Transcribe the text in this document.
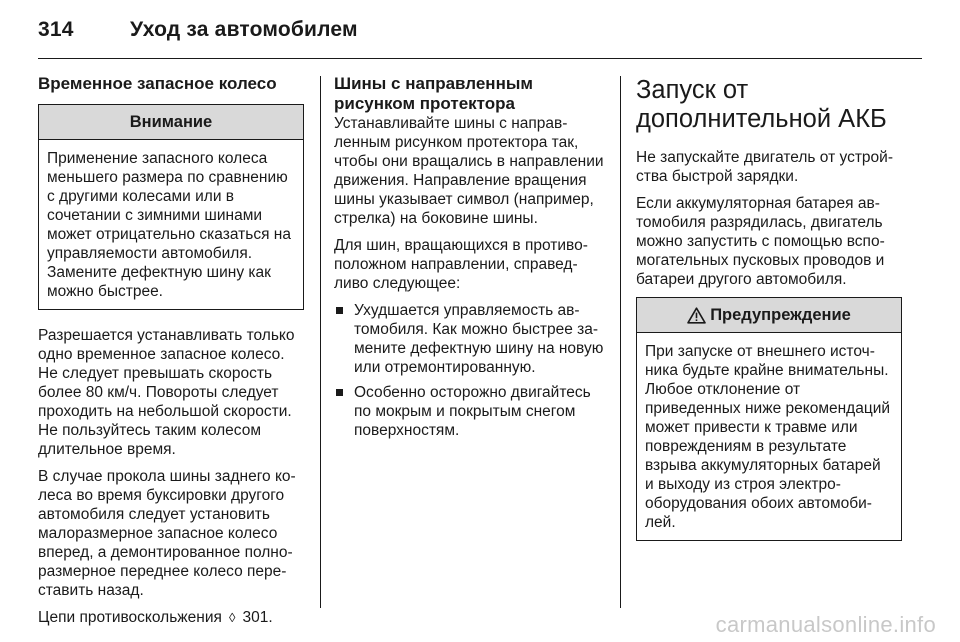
314	Уход за автомобилем
Временное запасное колесо
Внимание
Применение запасного колеса меньшего размера по сравнению с другими колесами или в сочетании с зимними шинами может отрицательно сказаться на управляемости автомобиля. Замените дефектную шину как можно быстрее.

Разрешается устанавливать только одно временное запасное колесо. Не следует превышать скорость более 80 км/ч. Повороты следует проходить на небольшой скорости. Не пользуйтесь таким колесом длительное время.

В случае прокола шины заднего колеса во время буксировки другого автомобиля следует установить малоразмерное запасное колесо вперед, а демонтированное полноразмерное переднее колесо переставить назад.

Цепи противоскольжения ◊ 301.

Шины с направленным рисунком протектора

Устанавливайте шины с направленным рисунком протектора так, чтобы они вращались в направлении движения. Направление вращения шины указывает символ (например, стрелка) на боковине шины.

Для шин, вращающихся в противоположном направлении, справедливо следующее:

Ухудшается управляемость автомобиля. Как можно быстрее замените дефектную шину на новую или отремонтированную.
Особенно осторожно двигайтесь по мокрым и покрытым снегом поверхностям.
Запуск от дополнительной АКБ

Не запускайте двигатель от устройства быстрой зарядки.

Если аккумуляторная батарея автомобиля разрядилась, двигатель можно запустить с помощью вспомогательных пусковых проводов и батареи другого автомобиля.

Предупреждение
При запуске от внешнего источника будьте крайне внимательны. Любое отклонение от приведенных ниже рекомендаций может привести к травме или повреждениям в результате взрыва аккумуляторных батарей и выходу из строя электрооборудования обоих автомобилей.
carmanualsonline.info
